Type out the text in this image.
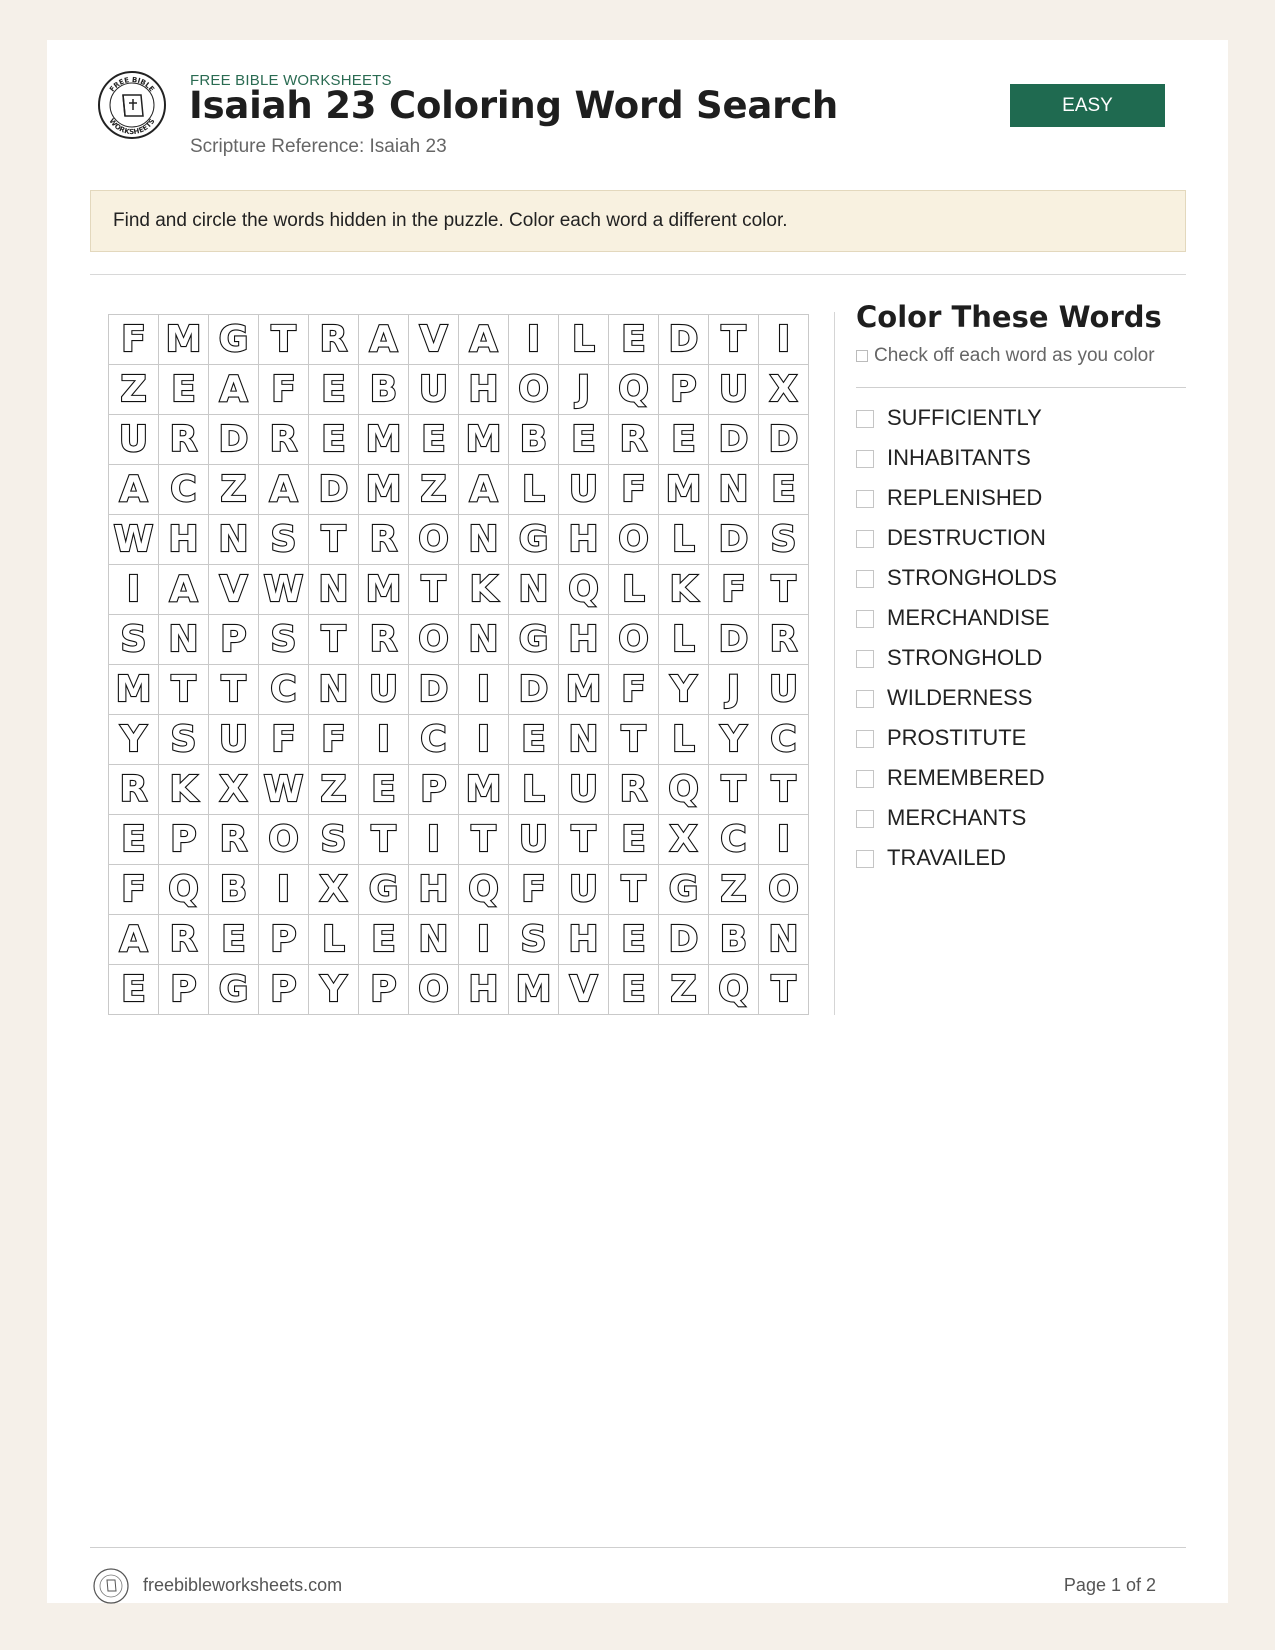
FREE BIBLE
WORKSHEETS
FREE BIBLE WORKSHEETS
Isaiah 23 Coloring Word Search
Scripture Reference: Isaiah 23
EASY
Find and circle the words hidden in the puzzle. Color each word a different color.
F M G T R A V A I L E D T I
Z E A F E B U H O J Q P U X
U R D R E M E M B E R E D D
A C Z A D M Z A L U F M N E
W H N S T R O N G H O L D S
I A V W N M T K N Q L K F T
S N P S T R O N G H O L D R
M T T C N U D I D M F Y J U
Y S U F F I C I E N T L Y C
R K X W Z E P M L U R Q T T
E P R O S T I T U T E X C I
F Q B I X G H Q F U T G Z O
A R E P L E N I S H E D B N
E P G P Y P O H M V E Z Q T
Color These Words
Check off each word as you color
SUFFICIENTLY
INHABITANTS
REPLENISHED
DESTRUCTION
STRONGHOLDS
MERCHANDISE
STRONGHOLD
WILDERNESS
PROSTITUTE
REMEMBERED
MERCHANTS
TRAVAILED
freebibleworksheets.com	Page 1 of 2
